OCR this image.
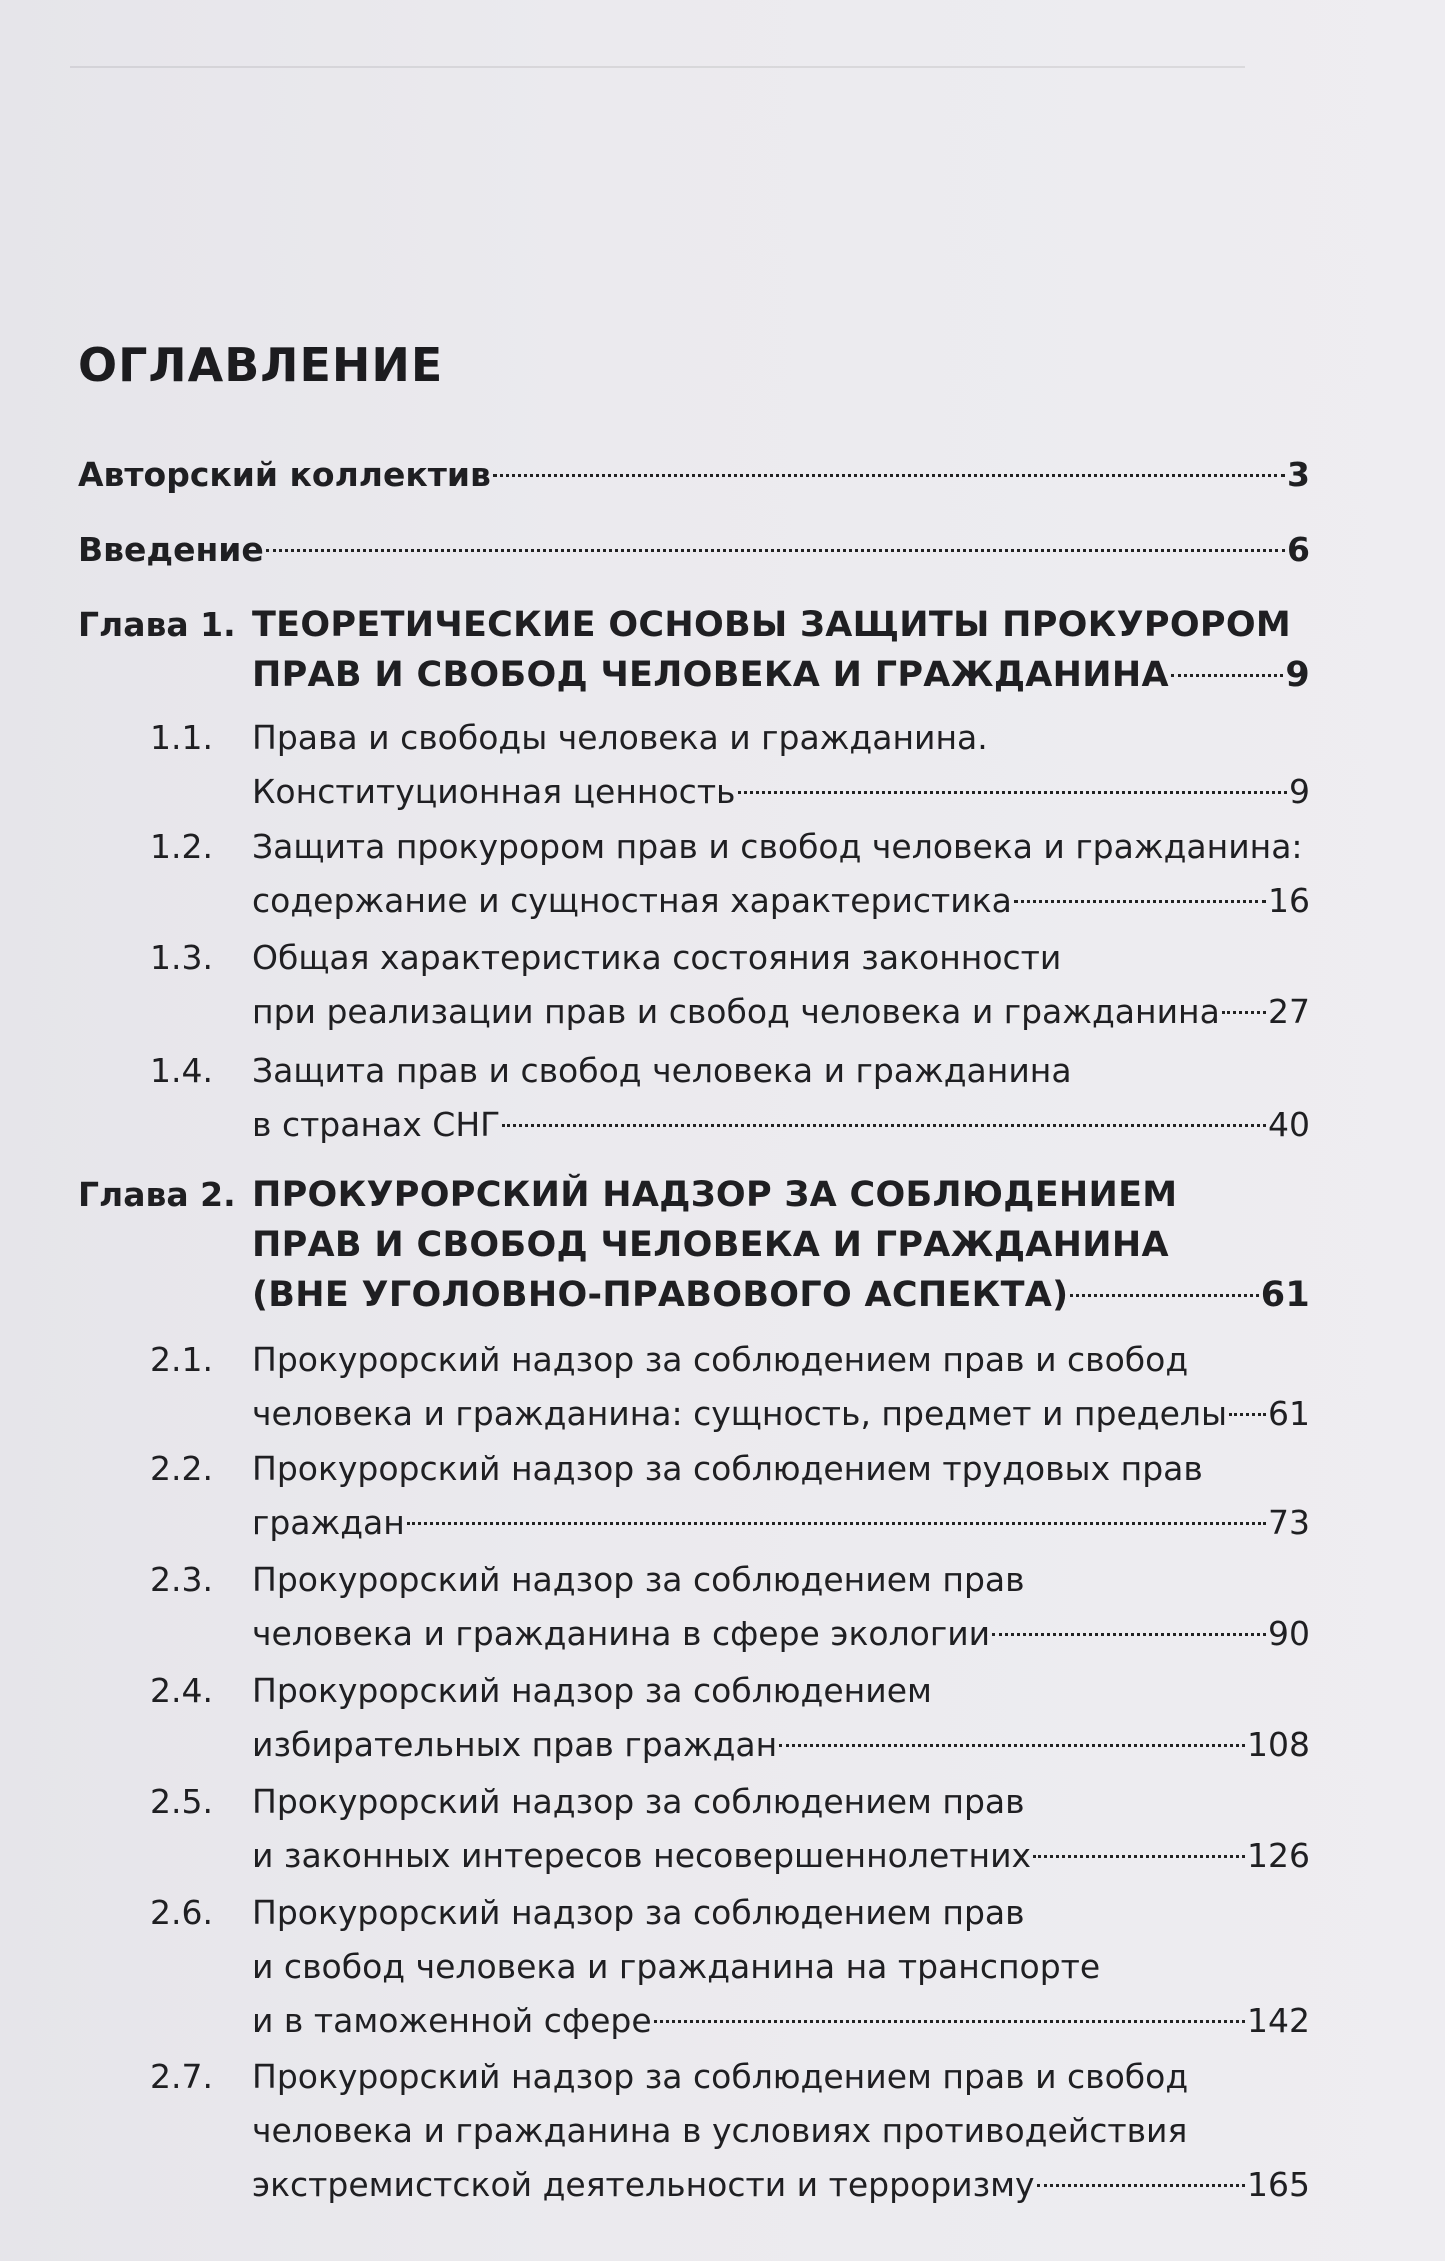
ОГЛАВЛЕНИЕ
Авторский коллектив	3
Введение	6
Глава 1. ТЕОРЕТИЧЕСКИЕ ОСНОВЫ ЗАЩИТЫ ПРОКУРОРОМ
ПРАВ И СВОБОД ЧЕЛОВЕКА И ГРАЖДАНИНА	9
1.1. Права и свободы человека и гражданина.
Конституционная ценность	9
1.2. Защита прокурором прав и свобод человека и гражданина:
содержание и сущностная характеристика	16
1.3. Общая характеристика состояния законности
при реализации прав и свобод человека и гражданина 27
1.4. Защита прав и свобод человека и гражданина
в странах СНГ	40
Глава 2. ПРОКУРОРСКИЙ НАДЗОР ЗА СОБЛЮДЕНИЕМ
ПРАВ И СВОБОД ЧЕЛОВЕКА И ГРАЖДАНИНА
(ВНЕ УГОЛОВНО-ПРАВОВОГО АСПЕКТА)	61
2.1. Прокурорский надзор за соблюдением прав и свобод
человека и гражданина: сущность, предмет и пределы 61
2.2. Прокурорский надзор за соблюдением трудовых прав
граждан	73
2.3. Прокурорский надзор за соблюдением прав
человека и гражданина в сфере экологии	90
2.4. Прокурорский надзор за соблюдением
избирательных прав граждан	108
2.5. Прокурорский надзор за соблюдением прав
и законных интересов несовершеннолетних	126
2.6. Прокурорский надзор за соблюдением прав
и свобод человека и гражданина на транспорте
и в таможенной сфере	142
2.7. Прокурорский надзор за соблюдением прав и свобод
человека и гражданина в условиях противодействия
экстремистской деятельности и терроризму	165
